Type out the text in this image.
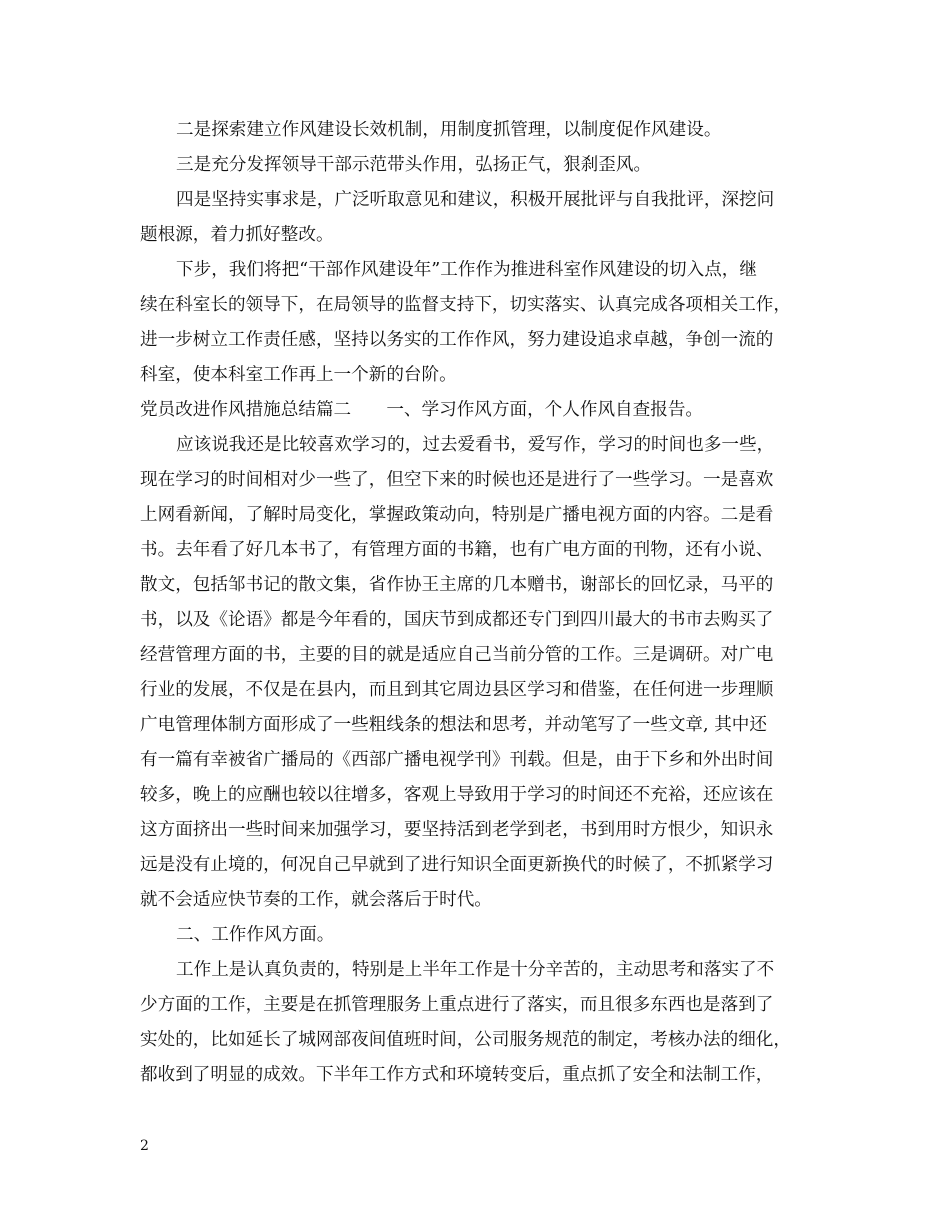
二是探索建立作风建设长效机制，用制度抓管理，以制度促作风建设。
三是充分发挥领导干部示范带头作用，弘扬正气，狠刹歪风。
四是坚持实事求是，广泛听取意见和建议，积极开展批评与自我批评，深挖问
题根源，着力抓好整改。
下步，我们将把“干部作风建设年”工作作为推进科室作风建设的切入点，继
续在科室长的领导下，在局领导的监督支持下，切实落实、认真完成各项相关工作，
进一步树立工作责任感，坚持以务实的工作作风，努力建设追求卓越，争创一流的
科室，使本科室工作再上一个新的台阶。
党员改进作风措施总结篇二　　一、学习作风方面，个人作风自查报告。
应该说我还是比较喜欢学习的，过去爱看书，爱写作，学习的时间也多一些，
现在学习的时间相对少一些了，但空下来的时候也还是进行了一些学习。一是喜欢
上网看新闻，了解时局变化，掌握政策动向，特别是广播电视方面的内容。二是看
书。去年看了好几本书了，有管理方面的书籍，也有广电方面的刊物，还有小说、
散文，包括邹书记的散文集，省作协王主席的几本赠书，谢部长的回忆录，马平的
书，以及《论语》都是今年看的，国庆节到成都还专门到四川最大的书市去购买了
经营管理方面的书，主要的目的就是适应自己当前分管的工作。三是调研。对广电
行业的发展，不仅是在县内，而且到其它周边县区学习和借鉴，在任何进一步理顺
广电管理体制方面形成了一些粗线条的想法和思考，并动笔写了一些文章, 其中还
有一篇有幸被省广播局的《西部广播电视学刊》刊载。但是，由于下乡和外出时间
较多，晚上的应酬也较以往增多，客观上导致用于学习的时间还不充裕，还应该在
这方面挤出一些时间来加强学习，要坚持活到老学到老，书到用时方恨少，知识永
远是没有止境的，何况自己早就到了进行知识全面更新换代的时候了，不抓紧学习
就不会适应快节奏的工作，就会落后于时代。
二、工作作风方面。
工作上是认真负责的，特别是上半年工作是十分辛苦的，主动思考和落实了不
少方面的工作，主要是在抓管理服务上重点进行了落实，而且很多东西也是落到了
实处的，比如延长了城网部夜间值班时间，公司服务规范的制定，考核办法的细化，
都收到了明显的成效。下半年工作方式和环境转变后，重点抓了安全和法制工作，
2
